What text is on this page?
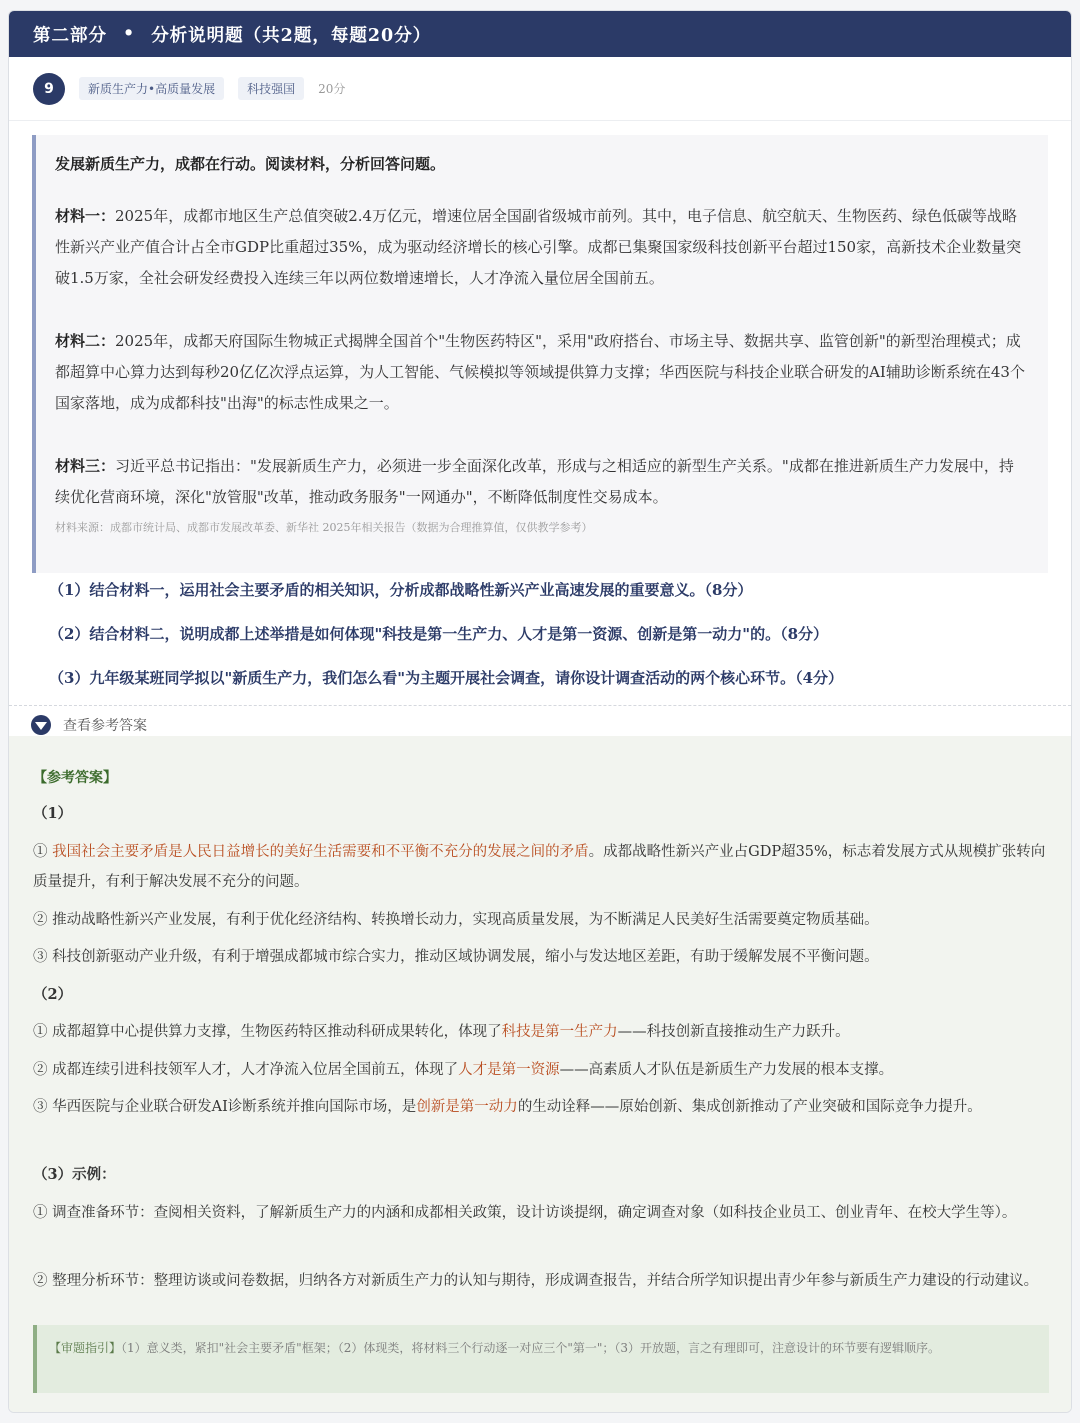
第二部分 • 分析说明题（共2题，每题20分）
9	新质生产力•高质量发展	科技强国	20分
发展新质生产力，成都在行动。阅读材料，分析回答问题。
材料一：2025年，成都市地区生产总值突破2.4万亿元，增速位居全国副省级城市前列。其中，电子信息、航空航天、生物医药、绿色低碳等战略性新兴产业产值合计占全市GDP比重超过35%，成为驱动经济增长的核心引擎。成都已集聚国家级科技创新平台超过150家，高新技术企业数量突破1.5万家，全社会研发经费投入连续三年以两位数增速增长，人才净流入量位居全国前五。
材料二：2025年，成都天府国际生物城正式揭牌全国首个"生物医药特区"，采用"政府搭台、市场主导、数据共享、监管创新"的新型治理模式；成都超算中心算力达到每秒20亿亿次浮点运算，为人工智能、气候模拟等领域提供算力支撑；华西医院与科技企业联合研发的AI辅助诊断系统在43个国家落地，成为成都科技"出海"的标志性成果之一。
材料三：习近平总书记指出："发展新质生产力，必须进一步全面深化改革，形成与之相适应的新型生产关系。"成都在推进新质生产力发展中，持续优化营商环境，深化"放管服"改革，推动政务服务"一网通办"，不断降低制度性交易成本。
材料来源：成都市统计局、成都市发展改革委、新华社 2025年相关报告（数据为合理推算值，仅供教学参考）
（1）结合材料一，运用社会主要矛盾的相关知识，分析成都战略性新兴产业高速发展的重要意义。（8分）
（2）结合材料二，说明成都上述举措是如何体现"科技是第一生产力、人才是第一资源、创新是第一动力"的。（8分）
（3）九年级某班同学拟以"新质生产力，我们怎么看"为主题开展社会调查，请你设计调查活动的两个核心环节。（4分）
查看参考答案
【参考答案】
（1）
① 我国社会主要矛盾是人民日益增长的美好生活需要和不平衡不充分的发展之间的矛盾。成都战略性新兴产业占GDP超35%，标志着发展方式从规模扩张转向质量提升，有利于解决发展不充分的问题。
② 推动战略性新兴产业发展，有利于优化经济结构、转换增长动力，实现高质量发展，为不断满足人民美好生活需要奠定物质基础。
③ 科技创新驱动产业升级，有利于增强成都城市综合实力，推动区域协调发展，缩小与发达地区差距，有助于缓解发展不平衡问题。
（2）
① 成都超算中心提供算力支撑，生物医药特区推动科研成果转化，体现了科技是第一生产力——科技创新直接推动生产力跃升。
② 成都连续引进科技领军人才，人才净流入位居全国前五，体现了人才是第一资源——高素质人才队伍是新质生产力发展的根本支撑。
③ 华西医院与企业联合研发AI诊断系统并推向国际市场，是创新是第一动力的生动诠释——原始创新、集成创新推动了产业突破和国际竞争力提升。
（3）示例：
① 调查准备环节：查阅相关资料，了解新质生产力的内涵和成都相关政策，设计访谈提纲，确定调查对象（如科技企业员工、创业青年、在校大学生等）。
② 整理分析环节：整理访谈或问卷数据，归纳各方对新质生产力的认知与期待，形成调查报告，并结合所学知识提出青少年参与新质生产力建设的行动建议。
【审题指引】（1）意义类，紧扣"社会主要矛盾"框架；（2）体现类，将材料三个行动逐一对应三个"第一"；（3）开放题，言之有理即可，注意设计的环节要有逻辑顺序。
